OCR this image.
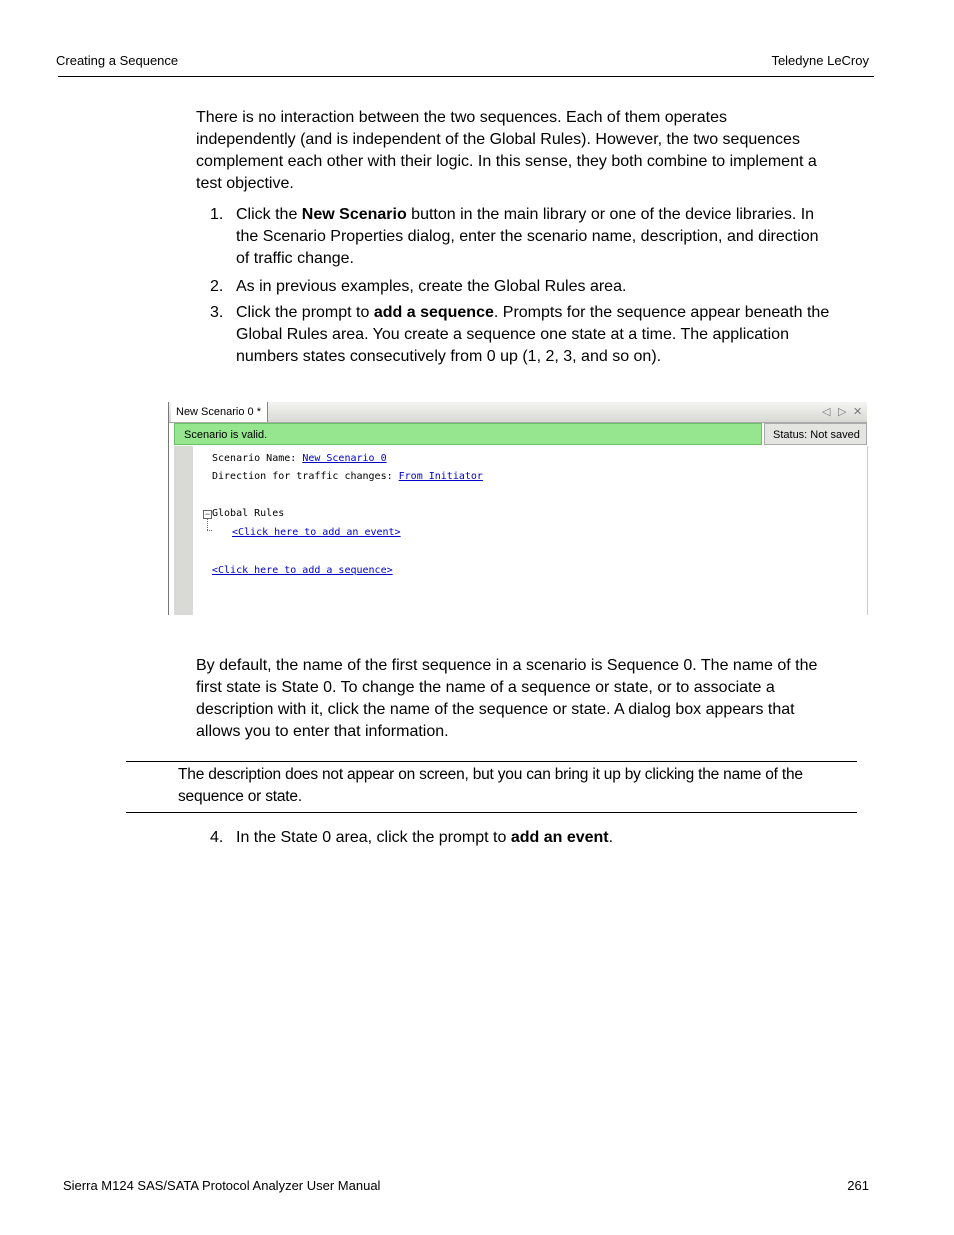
Creating a Sequence	Teledyne LeCroy
There is no interaction between the two sequences. Each of them operates
independently (and is independent of the Global Rules). However, the two sequences
complement each other with their logic. In this sense, they both combine to implement a
test objective.
1. Click the New Scenario button in the main library or one of the device libraries. In
the Scenario Properties dialog, enter the scenario name, description, and direction
of traffic change.
2. As in previous examples, create the Global Rules area.
3. Click the prompt to add a sequence. Prompts for the sequence appear beneath the
Global Rules area. You create a sequence one state at a time. The application
numbers states consecutively from 0 up (1, 2, 3, and so on).
New Scenario 0 *	◁ ▷ ✕
Scenario is valid.	Status: Not saved
Scenario Name: New Scenario 0
Direction for traffic changes: From Initiator
− Global Rules
<Click here to add an event>
<Click here to add a sequence>
By default, the name of the first sequence in a scenario is Sequence 0. The name of the
first state is State 0. To change the name of a sequence or state, or to associate a
description with it, click the name of the sequence or state. A dialog box appears that
allows you to enter that information.
The description does not appear on screen, but you can bring it up by clicking the name of the
sequence or state.
4. In the State 0 area, click the prompt to add an event.
Sierra M124 SAS/SATA Protocol Analyzer User Manual	261
